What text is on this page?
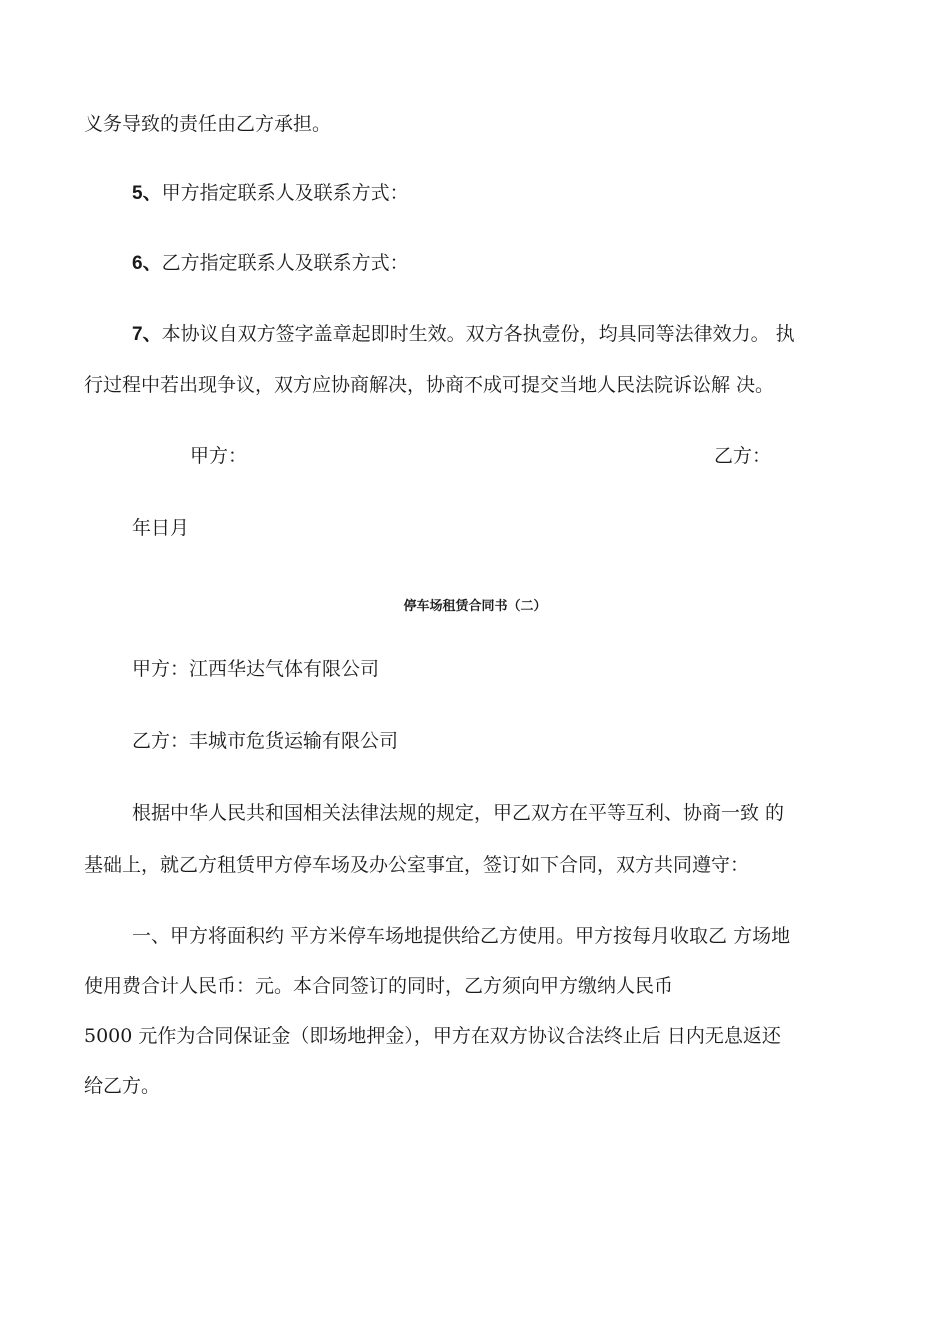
义务导致的责任由乙方承担。
5、甲方指定联系人及联系方式：
6、乙方指定联系人及联系方式：
7、本协议自双方签字盖章起即时生效。双方各执壹份，均具同等法律效力。 执
行过程中若出现争议，双方应协商解决，协商不成可提交当地人民法院诉讼解 决。
甲方：	乙方：
年日月
停车场租赁合同书（二）
甲方：江西华达气体有限公司
乙方：丰城市危货运输有限公司
根据中华人民共和国相关法律法规的规定，甲乙双方在平等互利、协商一致 的
基础上，就乙方租赁甲方停车场及办公室事宜，签订如下合同，双方共同遵守：
一、甲方将面积约 平方米停车场地提供给乙方使用。甲方按每月收取乙 方场地
使用费合计人民币：元。本合同签订的同时，乙方须向甲方缴纳人民币
5000 元作为合同保证金（即场地押金），甲方在双方协议合法终止后 日内无息返还
给乙方。
